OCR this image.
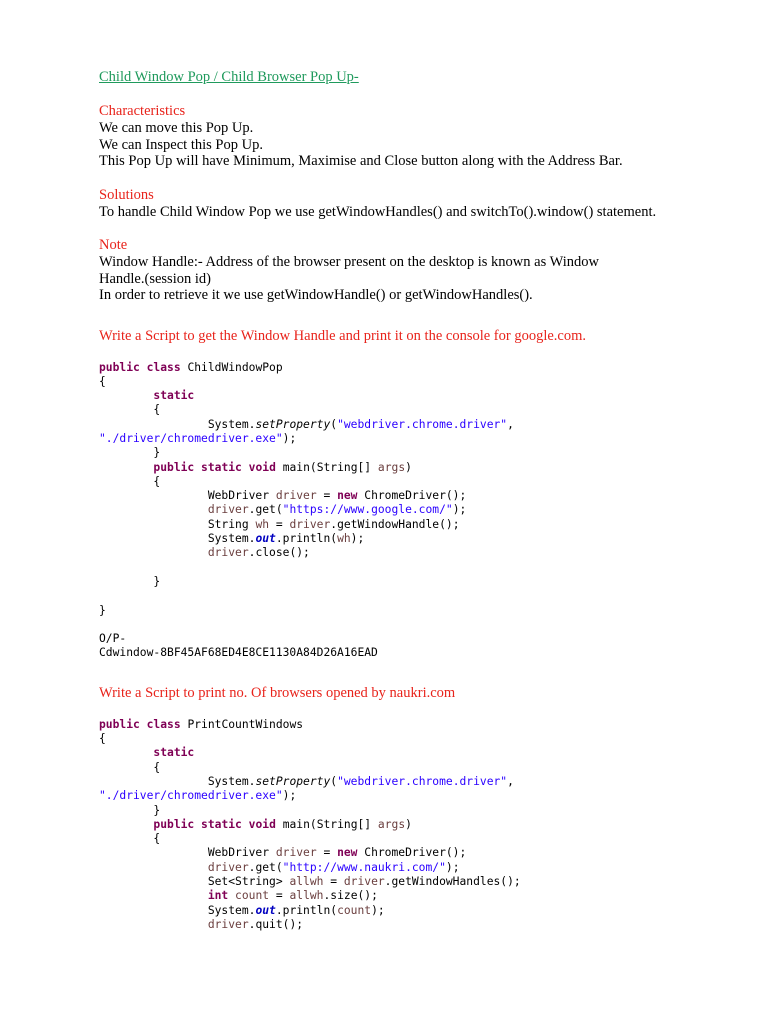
Child Window Pop / Child Browser Pop Up-

Characteristics

We can move this Pop Up.

We can Inspect this Pop Up.

This Pop Up will have Minimum, Maximise and Close button along with the Address Bar.

Solutions

To handle Child Window Pop we use getWindowHandles() and switchTo().window() statement.

Note

Window Handle:- Address of the browser present on the desktop is known as Window Handle.(session id)

In order to retrieve it we use getWindowHandle() or getWindowHandles().

Write a Script to get the Window Handle and print it on the console for google.com.

public class ChildWindowPop
{
static
{
System.setProperty("webdriver.chrome.driver",
"./driver/chromedriver.exe");
}
public static void main(String[] args)
{
WebDriver driver = new ChromeDriver();
driver.get("https://www.google.com/");
String wh = driver.getWindowHandle();
System.out.println(wh);
driver.close();

}

}

O/P-
Cdwindow-8BF45AF68ED4E8CE1130A84D26A16EAD

Write a Script to print no. Of browsers opened by naukri.com

public class PrintCountWindows
{
static
{
System.setProperty("webdriver.chrome.driver",
"./driver/chromedriver.exe");
}
public static void main(String[] args)
{
WebDriver driver = new ChromeDriver();
driver.get("http://www.naukri.com/");
Set<String> allwh = driver.getWindowHandles();
int count = allwh.size();
System.out.println(count);
driver.quit();
